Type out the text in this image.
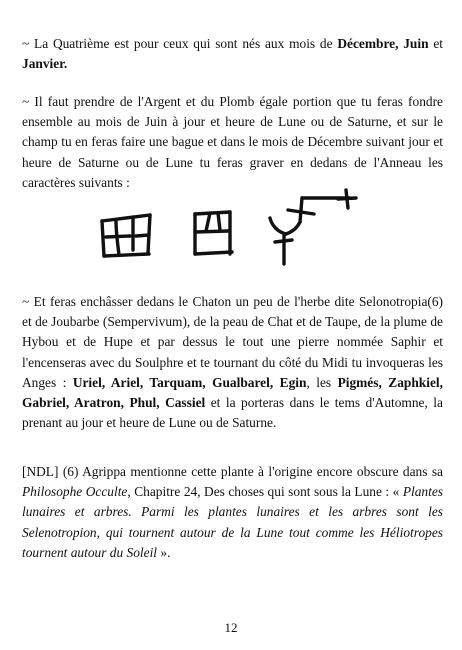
~ La Quatrième est pour ceux qui sont nés aux mois de Décembre, Juin et Janvier.

~ Il faut prendre de l'Argent et du Plomb égale portion que tu feras fondre ensemble au mois de Juin à jour et heure de Lune ou de Saturne, et sur le champ tu en feras faire une bague et dans le mois de Décembre suivant jour et heure de Saturne ou de Lune tu feras graver en dedans de l'Anneau les caractères suivants :

~ Et feras enchâsser dedans le Chaton un peu de l'herbe dite Selonotropia(6) et de Joubarbe (Sempervivum), de la peau de Chat et de Taupe, de la plume de Hybou et de Hupe et par dessus le tout une pierre nommée Saphir et l'encenseras avec du Soulphre et te tournant du côté du Midi tu invoqueras les Anges : Uriel, Ariel, Tarquam, Gualbarel, Egin, les Pigmés, Zaphkiel, Gabriel, Aratron, Phul, Cassiel et la porteras dans le tems d'Automne, la prenant au jour et heure de Lune ou de Saturne.

[NDL] (6) Agrippa mentionne cette plante à l'origine encore obscure dans sa Philosophe Occulte, Chapitre 24, Des choses qui sont sous la Lune : « Plantes lunaires et arbres. Parmi les plantes lunaires et les arbres sont les Selenotropion, qui tournent autour de la Lune tout comme les Héliotropes tournent autour du Soleil ».

12
